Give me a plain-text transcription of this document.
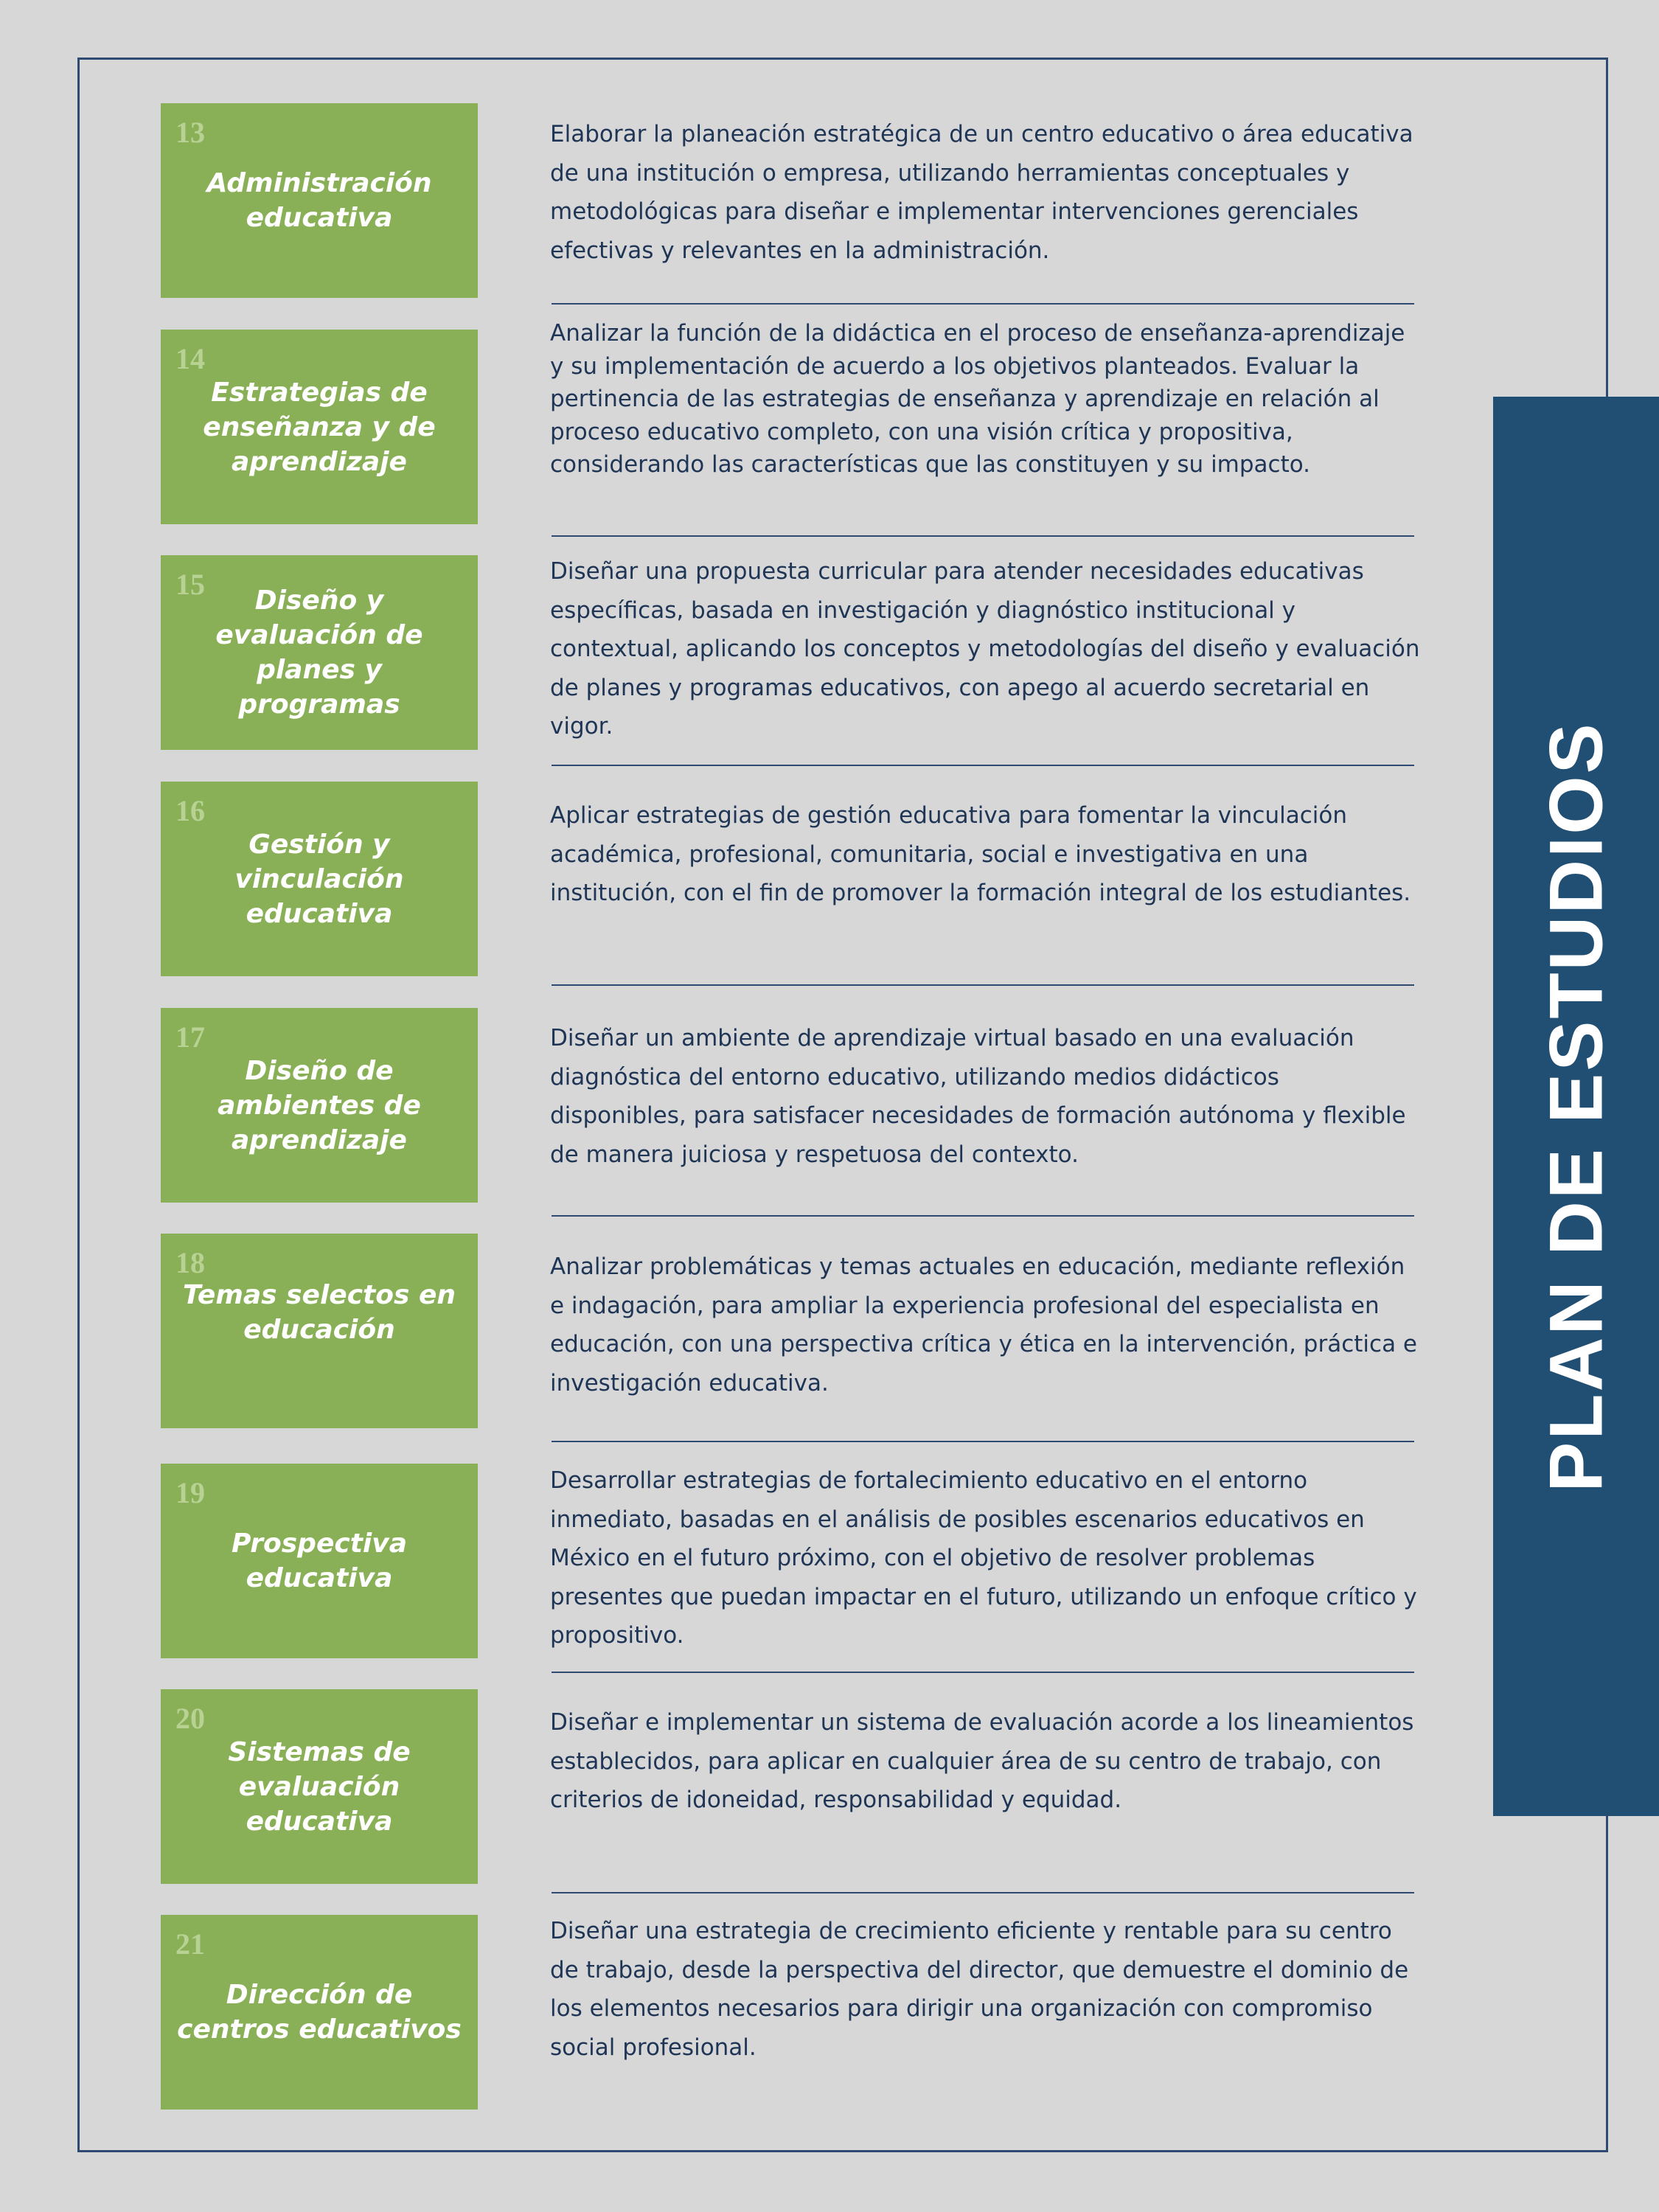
PLAN DE ESTUDIOS
13
Administración educativa
Elaborar la planeación estratégica de un centro educativo o área educativa de una institución o empresa, utilizando herramientas conceptuales y metodológicas para diseñar e implementar intervenciones gerenciales efectivas y relevantes en la administración.
14
Estrategias de enseñanza y de aprendizaje
Analizar la función de la didáctica en el proceso de enseñanza-aprendizaje y su implementación de acuerdo a los objetivos planteados. Evaluar la pertinencia de las estrategias de enseñanza y aprendizaje en relación al proceso educativo completo, con una visión crítica y propositiva, considerando las características que las constituyen y su impacto.
15	Diseño y evaluación de planes y programas
Diseñar una propuesta curricular para atender necesidades educativas específicas, basada en investigación y diagnóstico institucional y contextual, aplicando los conceptos y metodologías del diseño y evaluación de planes y programas educativos, con apego al acuerdo secretarial en vigor.
16
Gestión y vinculación educativa
Aplicar estrategias de gestión educativa para fomentar la vinculación académica, profesional, comunitaria, social e investigativa en una institución, con el fin de promover la formación integral de los estudiantes.
17
Diseño de ambientes de aprendizaje
Diseñar un ambiente de aprendizaje virtual basado en una evaluación diagnóstica del entorno educativo, utilizando medios didácticos disponibles, para satisfacer necesidades de formación autónoma y flexible de manera juiciosa y respetuosa del contexto.
18
Temas selectos en educación
Analizar problemáticas y temas actuales en educación, mediante reflexión e indagación, para ampliar la experiencia profesional del especialista en educación, con una perspectiva crítica y ética en la intervención, práctica e investigación educativa.
19
Prospectiva educativa
Desarrollar estrategias de fortalecimiento educativo en el entorno inmediato, basadas en el análisis de posibles escenarios educativos en México en el futuro próximo, con el objetivo de resolver problemas presentes que puedan impactar en el futuro, utilizando un enfoque crítico y propositivo.
20
Sistemas de evaluación educativa
Diseñar e implementar un sistema de evaluación acorde a los lineamientos establecidos, para aplicar en cualquier área de su centro de trabajo, con criterios de idoneidad, responsabilidad y equidad.
21
Dirección de centros educativos
Diseñar una estrategia de crecimiento eficiente y rentable para su centro de trabajo, desde la perspectiva del director, que demuestre el dominio de los elementos necesarios para dirigir una organización con compromiso social profesional.
